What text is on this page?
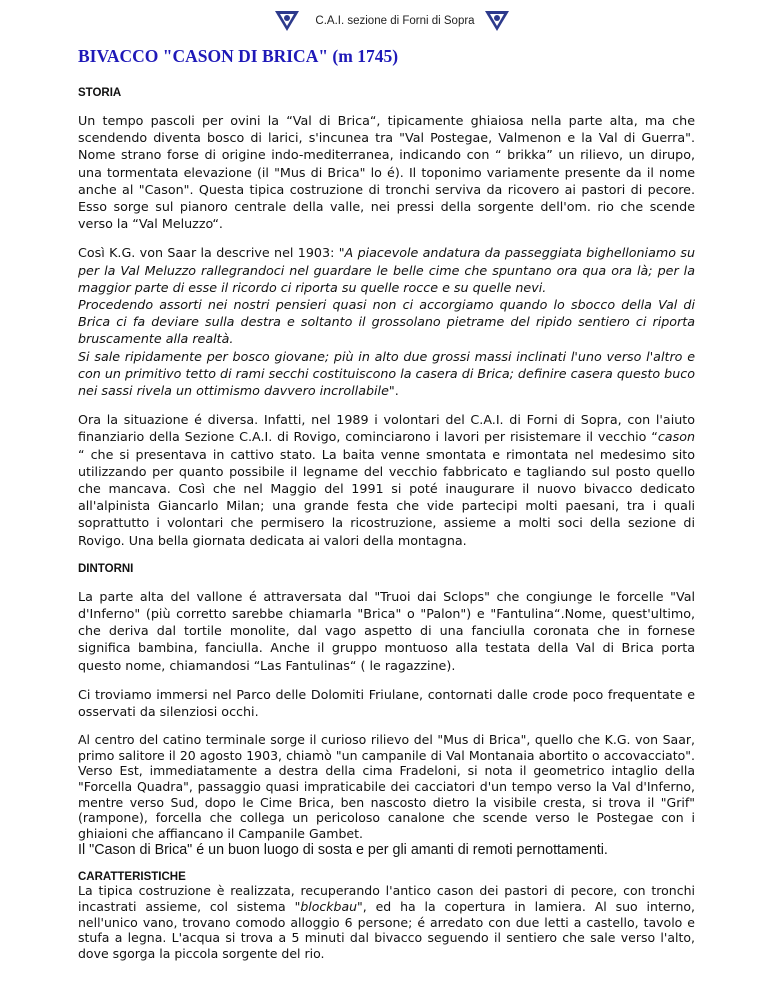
C.A.I. sezione di Forni di Sopra
BIVACCO "CASON DI BRICA" (m 1745)
STORIA

Un tempo pascoli per ovini la “Val di Brica“, tipicamente ghiaiosa nella parte alta, ma che scendendo diventa bosco di larici, s'incunea tra "Val Postegae, Valmenon e la Val di Guerra". Nome strano forse di origine indo-mediterranea, indicando con “ brikka” un rilievo, un dirupo, una tormentata elevazione (il "Mus di Brica" lo é). Il toponimo variamente presente da il nome anche al "Cason". Questa tipica costruzione di tronchi serviva da ricovero ai pastori di pecore. Esso sorge sul pianoro centrale della valle, nei pressi della sorgente dell'om. rio che scende verso la “Val Meluzzo“.

Così K.G. von Saar la descrive nel 1903: "A piacevole andatura da passeggiata bighelloniamo su per la Val Meluzzo rallegrandoci nel guardare le belle cime che spuntano ora qua ora là; per la maggior parte di esse il ricordo ci riporta su quelle rocce e su quelle nevi.
Procedendo assorti nei nostri pensieri quasi non ci accorgiamo quando lo sbocco della Val di Brica ci fa deviare sulla destra e soltanto il grossolano pietrame del ripido sentiero ci riporta bruscamente alla realtà.
Si sale ripidamente per bosco giovane; più in alto due grossi massi inclinati l'uno verso l'altro e con un primitivo tetto di rami secchi costituiscono la casera di Brica; definire casera questo buco nei sassi rivela un ottimismo davvero incrollabile".

Ora la situazione é diversa. Infatti, nel 1989 i volontari del C.A.I. di Forni di Sopra, con l'aiuto finanziario della Sezione C.A.I. di Rovigo, cominciarono i lavori per risistemare il vecchio “cason “ che si presentava in cattivo stato. La baita venne smontata e rimontata nel medesimo sito utilizzando per quanto possibile il legname del vecchio fabbricato e tagliando sul posto quello che mancava. Così che nel Maggio del 1991 si poté inaugurare il nuovo bivacco dedicato all'alpinista Giancarlo Milan; una grande festa che vide partecipi molti paesani, tra i quali soprattutto i volontari che permisero la ricostruzione, assieme a molti soci della sezione di Rovigo. Una bella giornata dedicata ai valori della montagna.

DINTORNI

La parte alta del vallone é attraversata dal "Truoi dai Sclops" che congiunge le forcelle "Val d'Inferno" (più corretto sarebbe chiamarla "Brica" o "Palon") e "Fantulina“.Nome, quest'ultimo, che deriva dal tortile monolite, dal vago aspetto di una fanciulla coronata che in fornese significa bambina, fanciulla. Anche il gruppo montuoso alla testata della Val di Brica porta questo nome, chiamandosi “Las Fantulinas“ ( le ragazzine).

Ci troviamo immersi nel Parco delle Dolomiti Friulane, contornati dalle crode poco frequentate e osservati da silenziosi occhi.

Al centro del catino terminale sorge il curioso rilievo del "Mus di Brica", quello che K.G. von Saar, primo salitore il 20 agosto 1903, chiamò "un campanile di Val Montanaia abortito o accovacciato". Verso Est, immediatamente a destra della cima Fradeloni, si nota il geometrico intaglio della "Forcella Quadra", passaggio quasi impraticabile dei cacciatori d'un tempo verso la Val d'Inferno, mentre verso Sud, dopo le Cime Brica, ben nascosto dietro la visibile cresta, si trova il "Grif" (rampone), forcella che collega un pericoloso canalone che scende verso le Postegae con i ghiaioni che affiancano il Campanile Gambet.

Il "Cason di Brica" é un buon luogo di sosta e per gli amanti di remoti pernottamenti.

CARATTERISTICHE

La tipica costruzione è realizzata, recuperando l'antico cason dei pastori di pecore, con tronchi incastrati assieme, col sistema "blockbau", ed ha la copertura in lamiera. Al suo interno, nell'unico vano, trovano comodo alloggio 6 persone; é arredato con due letti a castello, tavolo e stufa a legna. L'acqua si trova a 5 minuti dal bivacco seguendo il sentiero che sale verso l'alto, dove sgorga la piccola sorgente del rio.
